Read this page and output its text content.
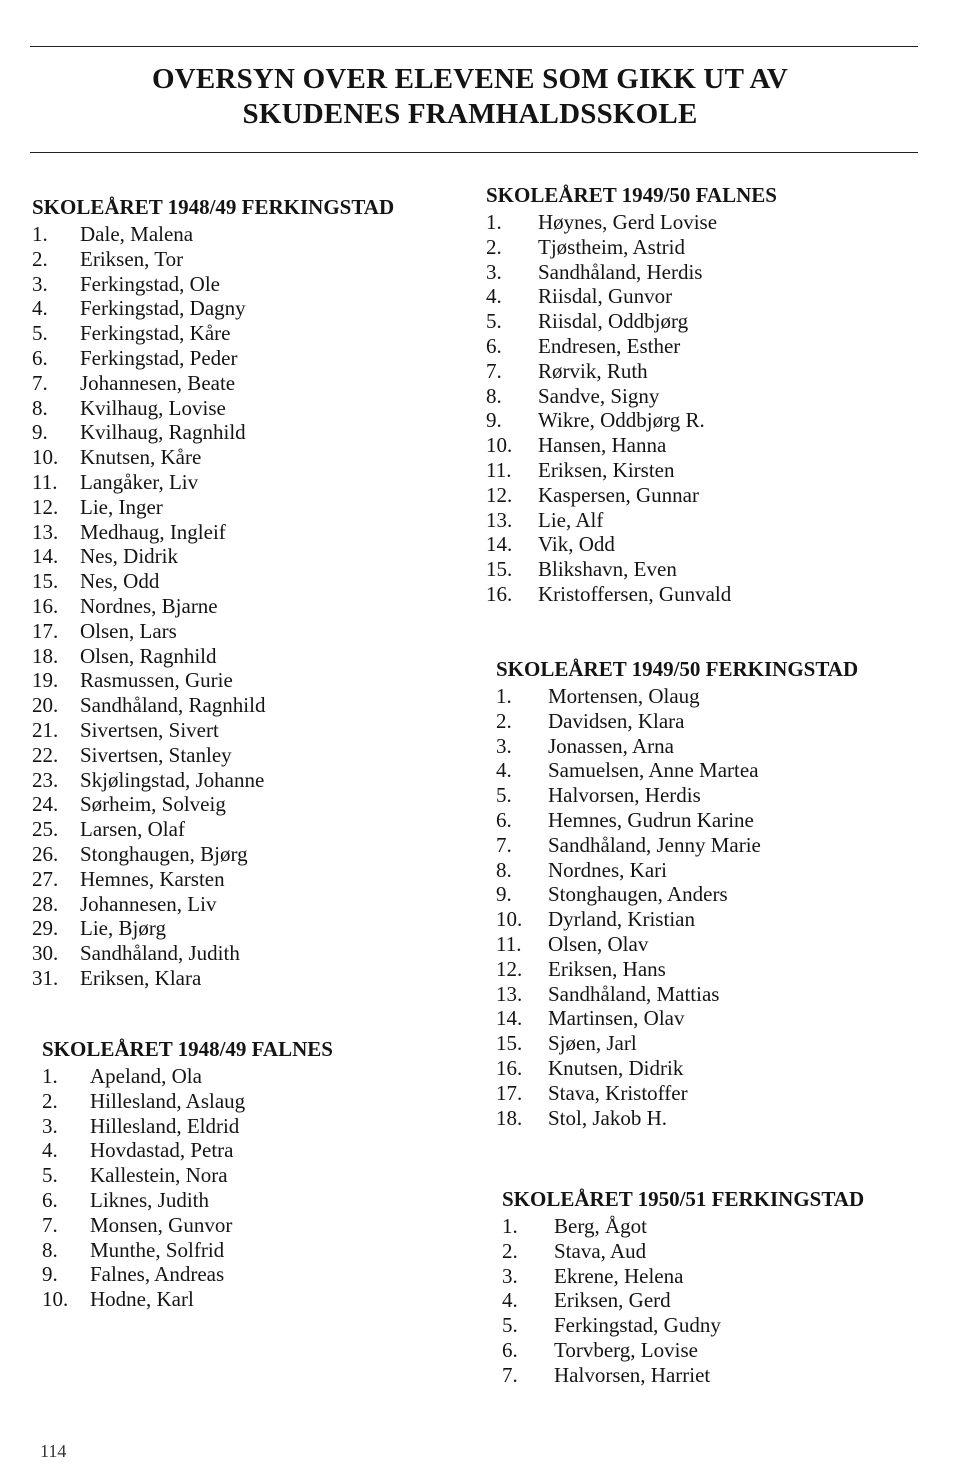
OVERSYN OVER ELEVENE SOM GIKK UT AV
SKUDENES FRAMHALDSSKOLE
SKOLEÅRET 1948/49 FERKINGSTAD
1. Dale, Malena
2. Eriksen, Tor
3. Ferkingstad, Ole
4. Ferkingstad, Dagny
5. Ferkingstad, Kåre
6. Ferkingstad, Peder
7. Johannesen, Beate
8. Kvilhaug, Lovise
9. Kvilhaug, Ragnhild
10. Knutsen, Kåre
11. Langåker, Liv
12. Lie, Inger
13. Medhaug, Ingleif
14. Nes, Didrik
15. Nes, Odd
16. Nordnes, Bjarne
17. Olsen, Lars
18. Olsen, Ragnhild
19. Rasmussen, Gurie
20. Sandhåland, Ragnhild
21. Sivertsen, Sivert
22. Sivertsen, Stanley
23. Skjølingstad, Johanne
24. Sørheim, Solveig
25. Larsen, Olaf
26. Stonghaugen, Bjørg
27. Hemnes, Karsten
28. Johannesen, Liv
29. Lie, Bjørg
30. Sandhåland, Judith
31. Eriksen, Klara
SKOLEÅRET 1948/49 FALNES
1. Apeland, Ola
2. Hillesland, Aslaug
3. Hillesland, Eldrid
4. Hovdastad, Petra
5. Kallestein, Nora
6. Liknes, Judith
7. Monsen, Gunvor
8. Munthe, Solfrid
9. Falnes, Andreas
10. Hodne, Karl
SKOLEÅRET 1949/50 FALNES
1. Høynes, Gerd Lovise
2. Tjøstheim, Astrid
3. Sandhåland, Herdis
4. Riisdal, Gunvor
5. Riisdal, Oddbjørg
6. Endresen, Esther
7. Rørvik, Ruth
8. Sandve, Signy
9. Wikre, Oddbjørg R.
10. Hansen, Hanna
11. Eriksen, Kirsten
12. Kaspersen, Gunnar
13. Lie, Alf
14. Vik, Odd
15. Blikshavn, Even
16. Kristoffersen, Gunvald
SKOLEÅRET 1949/50 FERKINGSTAD
1. Mortensen, Olaug
2. Davidsen, Klara
3. Jonassen, Arna
4. Samuelsen, Anne Martea
5. Halvorsen, Herdis
6. Hemnes, Gudrun Karine
7. Sandhåland, Jenny Marie
8. Nordnes, Kari
9. Stonghaugen, Anders
10. Dyrland, Kristian
11. Olsen, Olav
12. Eriksen, Hans
13. Sandhåland, Mattias
14. Martinsen, Olav
15. Sjøen, Jarl
16. Knutsen, Didrik
17. Stava, Kristoffer
18. Stol, Jakob H.
SKOLEÅRET 1950/51 FERKINGSTAD
1. Berg, Ågot
2. Stava, Aud
3. Ekrene, Helena
4. Eriksen, Gerd
5. Ferkingstad, Gudny
6. Torvberg, Lovise
7. Halvorsen, Harriet
114
